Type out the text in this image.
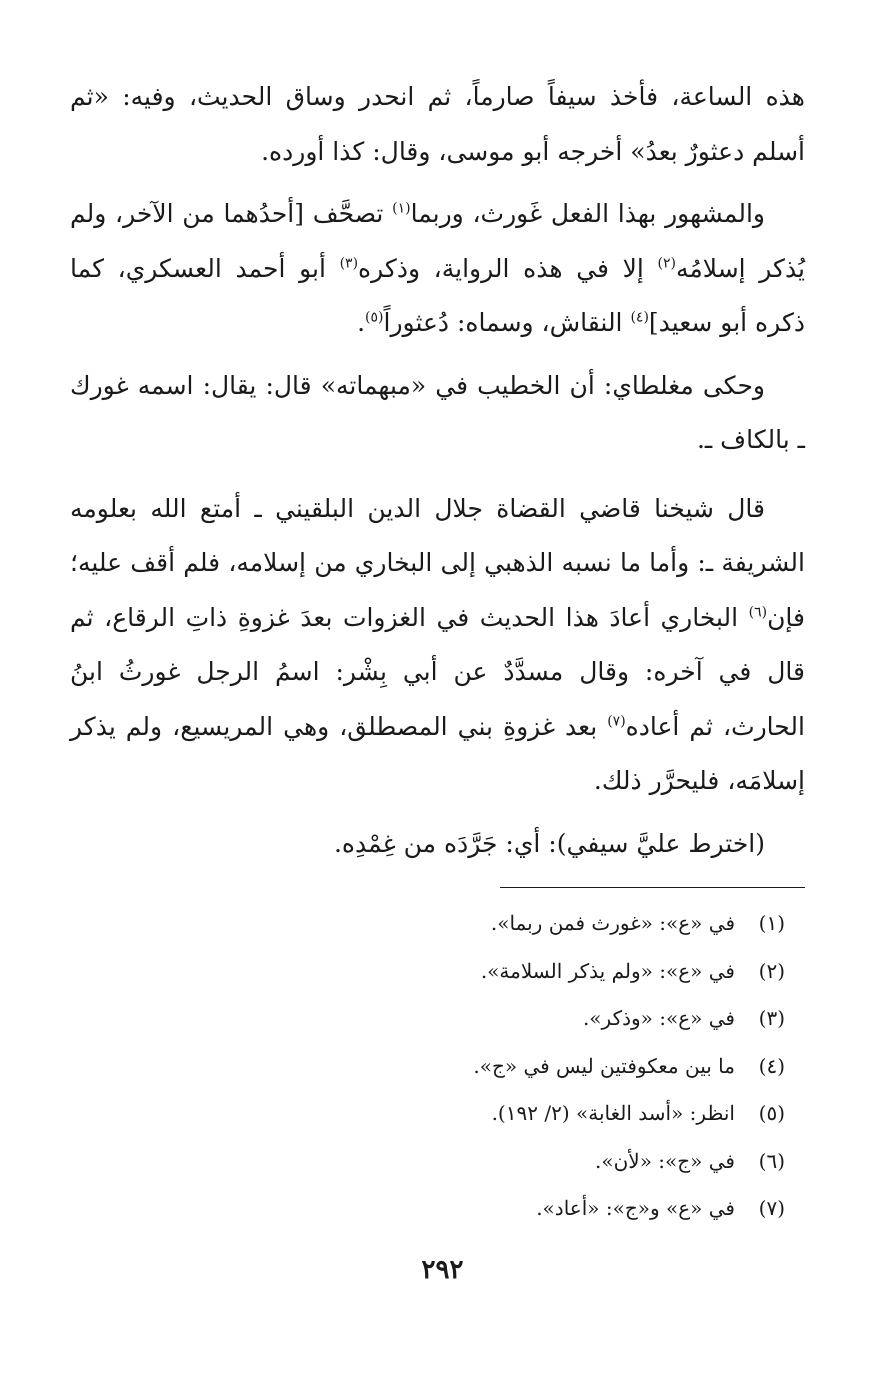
هذه الساعة، فأخذ سيفاً صارماً، ثم انحدر وساق الحديث، وفيه: «ثم أسلم دعثورٌ بعدُ» أخرجه أبو موسى، وقال: كذا أورده.

والمشهور بهذا الفعل غَورث، وربما$^{(١)}$ تصحَّف [أحدُهما من الآخر، ولم يُذكر إسلامُه$^{(٢)}$ إلا في هذه الرواية، وذكره$^{(٣)}$ أبو أحمد العسكري، كما ذكره أبو سعيد]$^{(٤)}$ النقاش، وسماه: دُعثوراً$^{(٥)}$.

وحكى مغلطاي: أن الخطيب في «مبهماته» قال: يقال: اسمه غورك ـ بالكاف ـ.

قال شيخنا قاضي القضاة جلال الدين البلقيني ـ أمتع الله بعلومه الشريفة ـ: وأما ما نسبه الذهبي إلى البخاري من إسلامه، فلم أقف عليه؛ فإن$^{(٦)}$ البخاري أعادَ هذا الحديث في الغزوات بعدَ غزوةِ ذاتِ الرقاع، ثم قال في آخره: وقال مسدَّدٌ عن أبي بِشْر: اسمُ الرجل غورثُ ابنُ الحارث، ثم أعاده$^{(٧)}$ بعد غزوةِ بني المصطلق، وهي المريسيع، ولم يذكر إسلامَه، فليحرَّر ذلك.

(اخترط عليَّ سيفي): أي: جَرَّدَه من غِمْدِه.

(١)في «ع»: «غورث فمن ربما».
(٢)في «ع»: «ولم يذكر السلامة».
(٣)في «ع»: «وذكر».
(٤)ما بين معكوفتين ليس في «ج».
(٥)انظر: «أسد الغابة» (٢/ ١٩٢).
(٦)في «ج»: «لأن».
(٧)في «ع» و«ج»: «أعاد».
٢٩٢
